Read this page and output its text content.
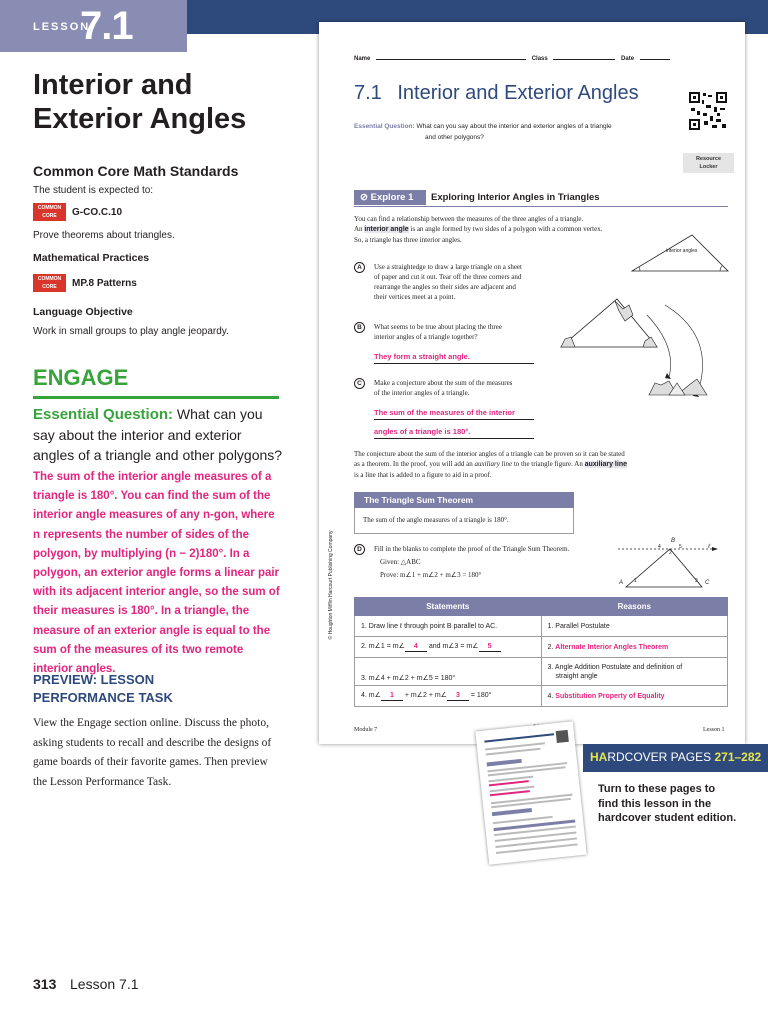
LESSON
7.1
Interior and Exterior Angles
Common Core Math Standards
The student is expected to:
COMMON
CORE	G-CO.C.10
Prove theorems about triangles.
Mathematical Practices
COMMON
CORE	MP.8 Patterns
Language Objective
Work in small groups to play angle jeopardy.
ENGAGE
Essential Question: What can you say about the interior and exterior angles of a triangle and other polygons?
The sum of the interior angle measures of a triangle is 180°. You can find the sum of the interior angle measures of any n-gon, where n represents the number of sides of the polygon, by multiplying (n − 2)180°. In a polygon, an exterior angle forms a linear pair with its adjacent interior angle, so the sum of their measures is 180°. In a triangle, the measure of an exterior angle is equal to the sum of the measures of its two remote interior angles.
PREVIEW: LESSON
PERFORMANCE TASK
View the Engage section online. Discuss the photo, asking students to recall and describe the designs of game boards of their favorite games. Then preview the Lesson Performance Task.
313 Lesson 7.1
Name	Class	Date
7.1 Interior and Exterior Angles
Essential Question: What can you say about the interior and exterior angles of a triangle
and other polygons?
Resource
Locker
⊘ Explore 1	Exploring Interior Angles in Triangles
You can find a relationship between the measures of the three angles of a triangle.
An interior angle is an angle formed by two sides of a polygon with a common vertex.
So, a triangle has three interior angles.
interior angles
A	Use a straightedge to draw a large triangle on a sheet
of paper and cut it out. Tear off the three corners and
rearrange the angles so their sides are adjacent and
their vertices meet at a point.
B	What seems to be true about placing the three
interior angles of a triangle together?
They form a straight angle.
C	Make a conjecture about the sum of the measures
of the interior angles of a triangle.
The sum of the measures of the interior
angles of a triangle is 180°.
The conjecture about the sum of the interior angles of a triangle can be proven so it can be stated
as a theorem. In the proof, you will add an auxiliary line to the triangle figure. An auxiliary line
is a line that is added to a figure to aid in a proof.
The Triangle Sum Theorem
The sum of the angle measures of a triangle is 180°.
D	Fill in the blanks to complete the proof of the Triangle Sum Theorem.
Given: △ABC
Prove: m∠1 + m∠2 + m∠3 = 180°
B
ℓ
4
2
5
1	3
A	C
Statements	Reasons
1. Draw line ℓ through point B parallel to AC.	1. Parallel Postulate
2. m∠1 = m∠ 4 and m∠3 = m∠ 5	2. Alternate Interior Angles Theorem
3. m∠4 + m∠2 + m∠5 = 180°	3. Angle Addition Postulate and definition of
straight angle

4. m∠ 1 + m∠2 + m∠ 3 = 180°	4. Substitution Property of Equality
© Houghton Mifflin Harcourt Publishing Company
Module 7	Lesson 1
HARDCOVER PAGES 271–282
Turn to these pages to find this lesson in the hardcover student edition.
